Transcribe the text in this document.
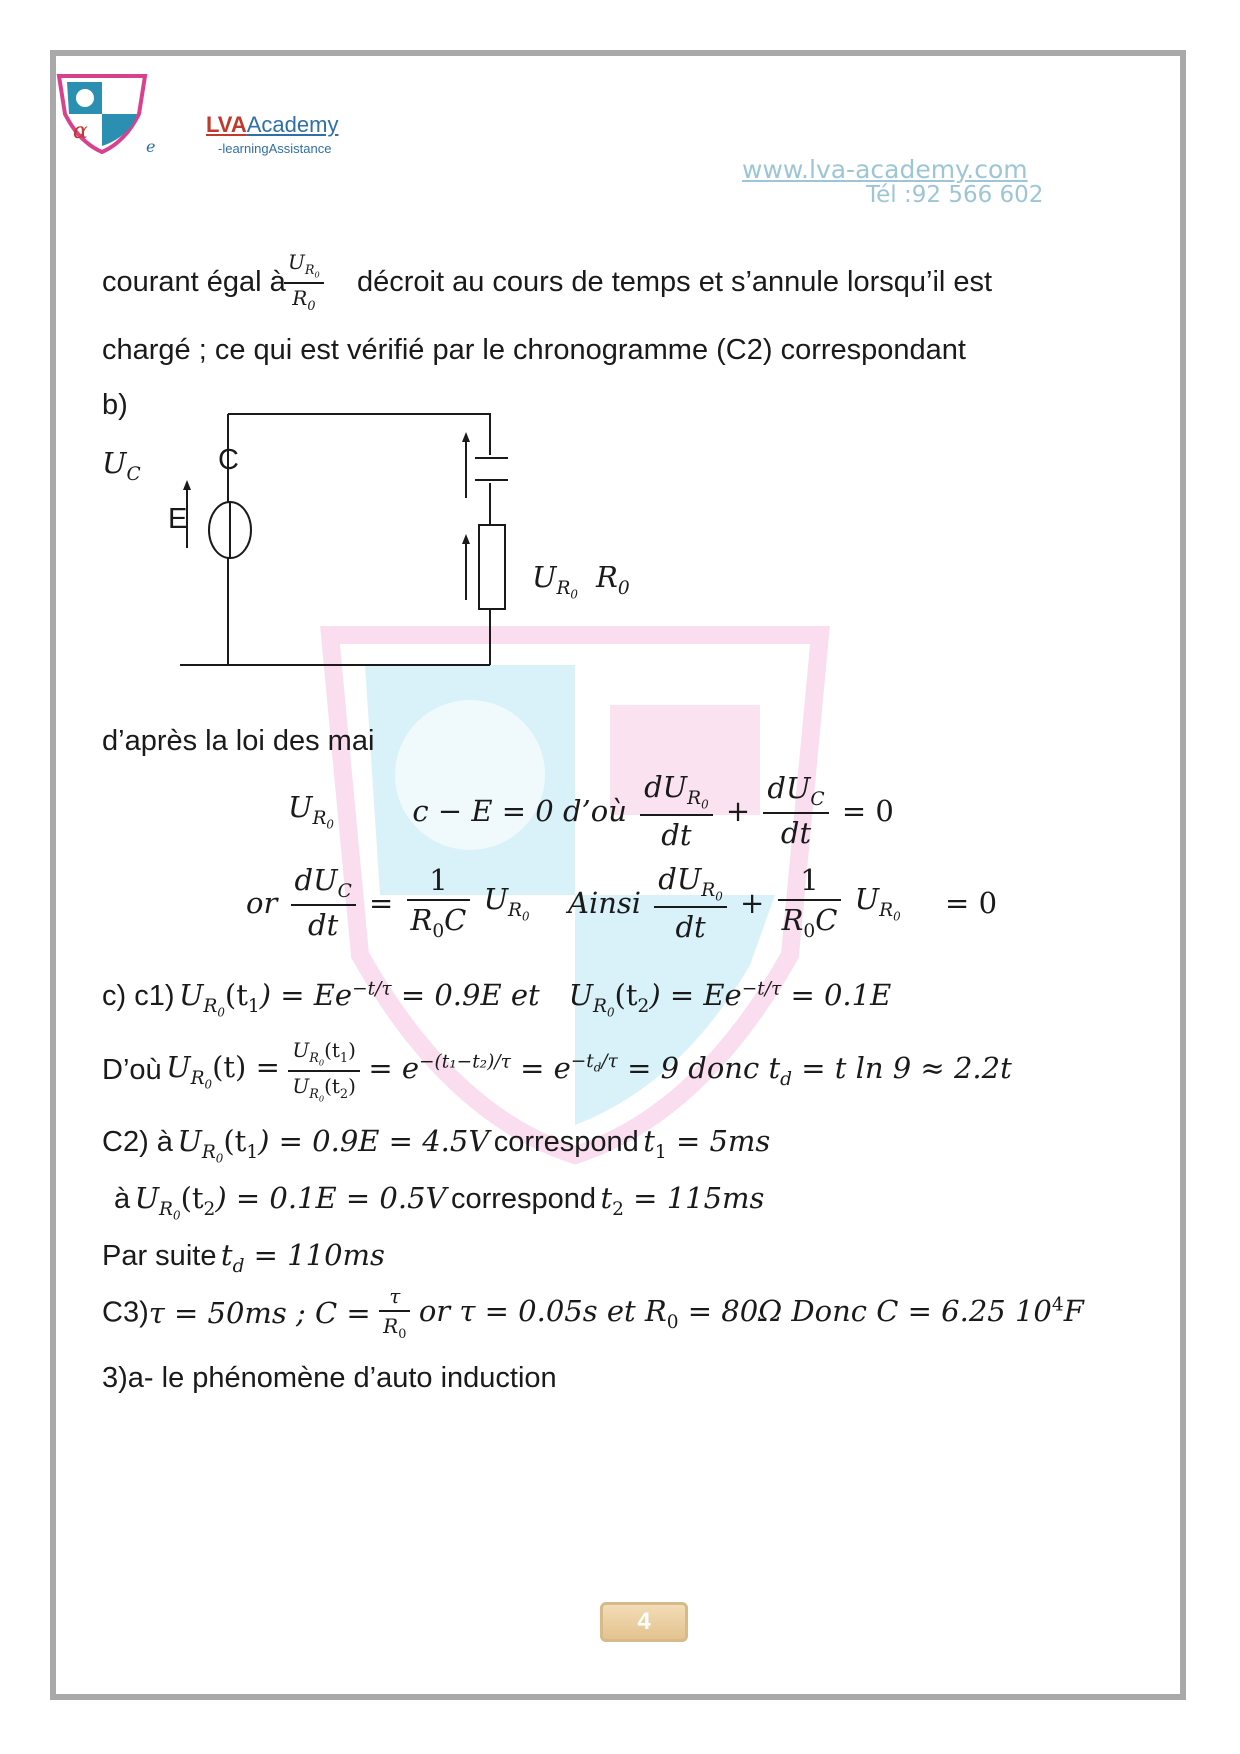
α	LVAAcademy
-learningAssistance
e
www.lva-academy.com
Tél :92 566 602
courant égal à
$\frac{U_{R_0}}{R_0}$ décroit au cours de temps et s’annule lorsqu’il est
chargé ; ce qui est vérifié par le chronogramme (C2) correspondant
b)
$U_C$	C
E
$U_{R_0}$
$R_0$
d’après la loi des mai
$U_{R_0}$	c − E = 0 d’où $\frac{dU_{R_0}}{dt} + \frac{dU_C}{dt} = 0$
or $\frac{dU_C}{dt} = \frac{1}{R_0C} U_{R_0}$ Ainsi $\frac{dU_{R_0}}{dt} + \frac{1}{R_0C} U_{R_0} = 0$
c) c1) $U_{R_0}(t_1) = Ee^{-t/\tau} = 0.9E$ et $U_{R_0}(t_2) = Ee^{-t/\tau} = 0.1E$
D’où $U_{R_0}(t) = \frac{U_{R_0}(t_1)}{U_{R_0}(t_2)} = e^{-(t_1-t_2)/\tau} = e^{-t_d/\tau} = 9$ donc $t_d = t$ ln 9 ≈ 2.2t
C2) à $U_{R_0}(t_1) = 0.9E = 4.5V$ correspond $t_1 = 5ms$
à $U_{R_0}(t_2) = 0.1E = 0.5V$ correspond $t_2 = 115ms$
Par suite $t_d = 110ms$
C3)τ = 50ms ; $C = \frac{\tau}{R_0}$ or τ = 0.05s et $R_0 = 80\Omega$ Donc C = 6.25 $10^4F$
3)a- le phénomène d’auto induction
4
